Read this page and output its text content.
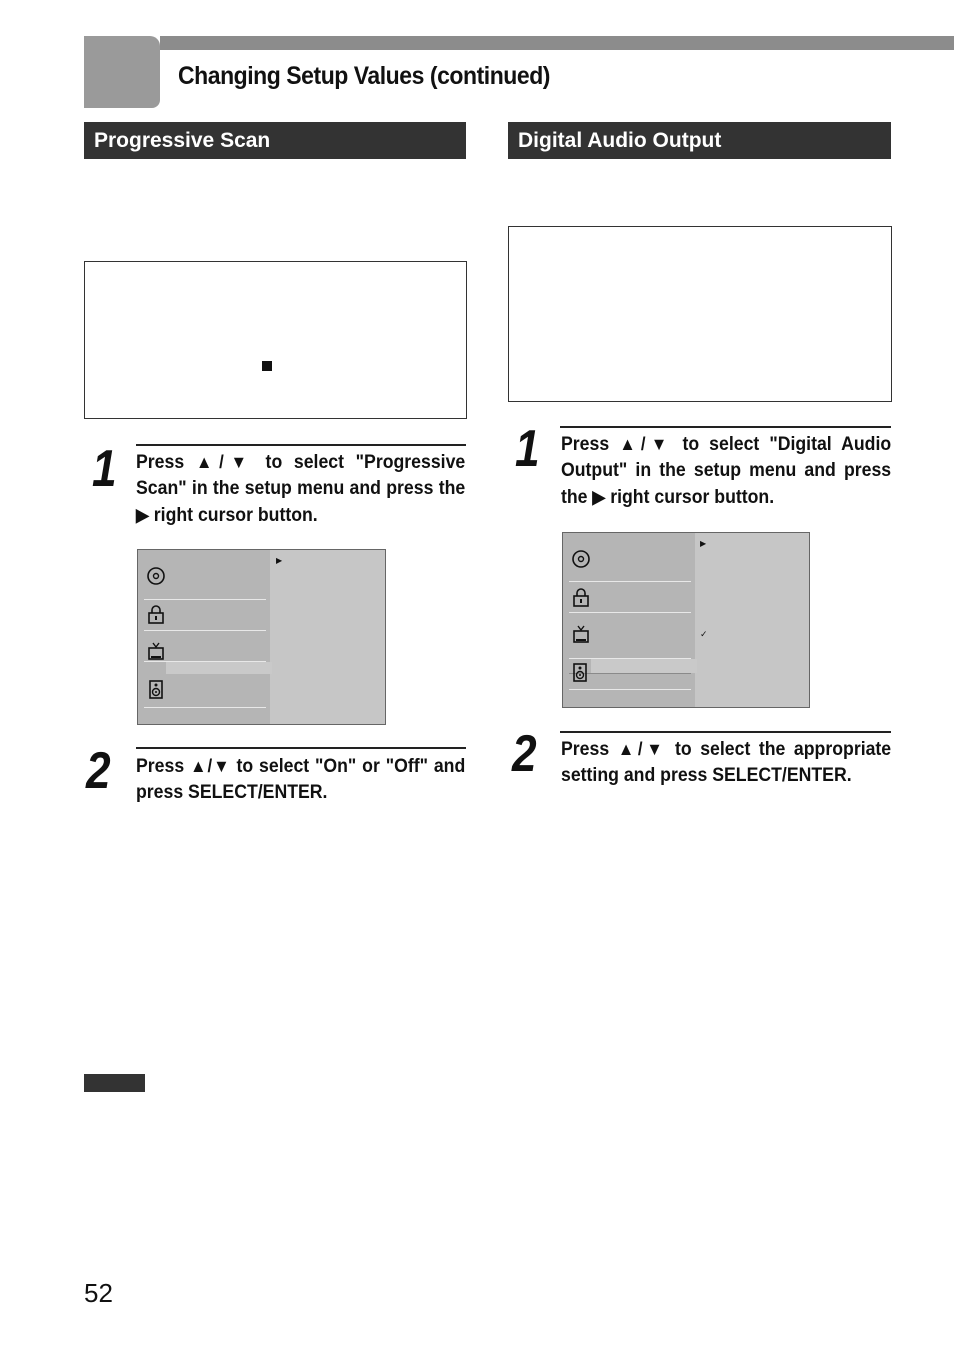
Changing Setup Values (continued)
Progressive Scan
1 Press ▲/▼ to select "Progressive Scan" in the setup menu and press the ▶ right cursor button.
▶
2 Press ▲/▼ to select "On" or "Off" and press SELECT/ENTER.
Digital Audio Output
1 Press ▲/▼ to select "Digital Audio Output" in the setup menu and press the ▶ right cursor button.
▶
✓
2 Press ▲/▼ to select the appropriate setting and press SELECT/ENTER.
52
